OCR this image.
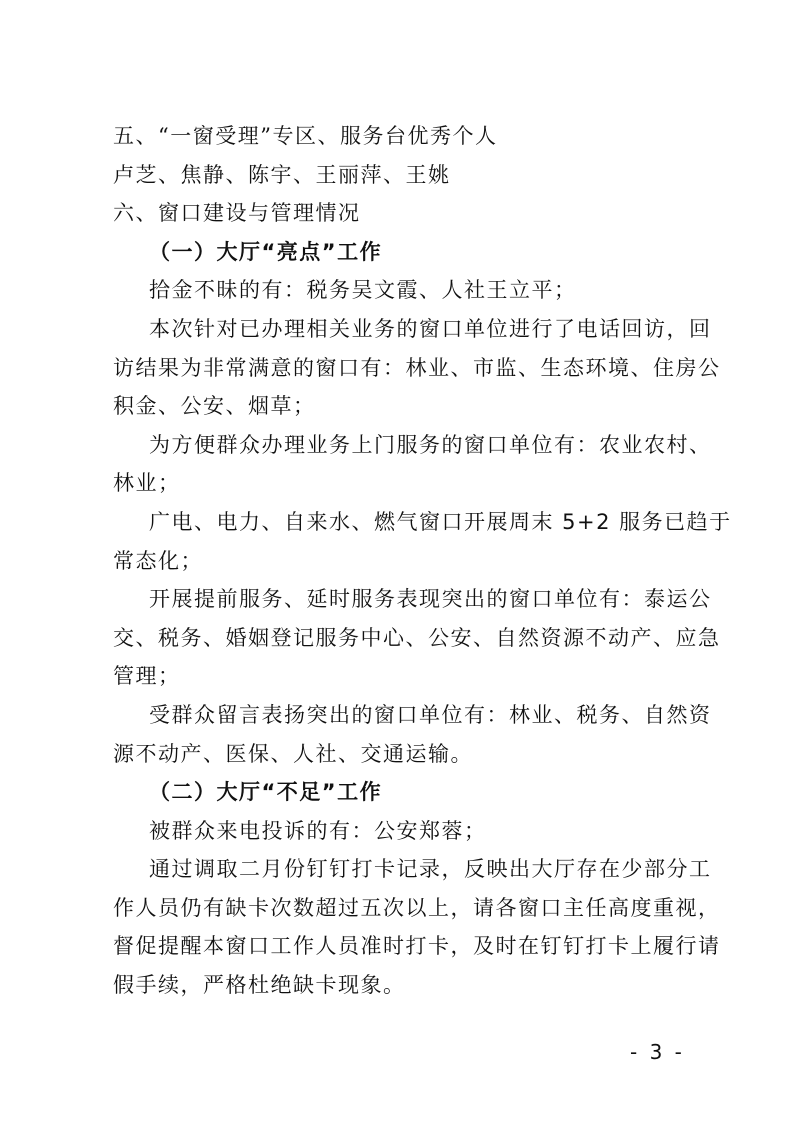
五、“一窗受理”专区、服务台优秀个人
卢芝、焦静、陈宇、王丽萍、王姚
六、窗口建设与管理情况
（一）大厅“亮点”工作
拾金不昧的有：税务吴文霞、人社王立平；
本次针对已办理相关业务的窗口单位进行了电话回访，回
访结果为非常满意的窗口有：林业、市监、生态环境、住房公
积金、公安、烟草；
为方便群众办理业务上门服务的窗口单位有：农业农村、
林业；
广电、电力、自来水、燃气窗口开展周末 5+2 服务已趋于
常态化；
开展提前服务、延时服务表现突出的窗口单位有：泰运公
交、税务、婚姻登记服务中心、公安、自然资源不动产、应急
管理；
受群众留言表扬突出的窗口单位有：林业、税务、自然资
源不动产、医保、人社、交通运输。
（二）大厅“不足”工作
被群众来电投诉的有：公安郑蓉；
通过调取二月份钉钉打卡记录，反映出大厅存在少部分工
作人员仍有缺卡次数超过五次以上，请各窗口主任高度重视，
督促提醒本窗口工作人员准时打卡，及时在钉钉打卡上履行请
假手续，严格杜绝缺卡现象。
- 3 -
